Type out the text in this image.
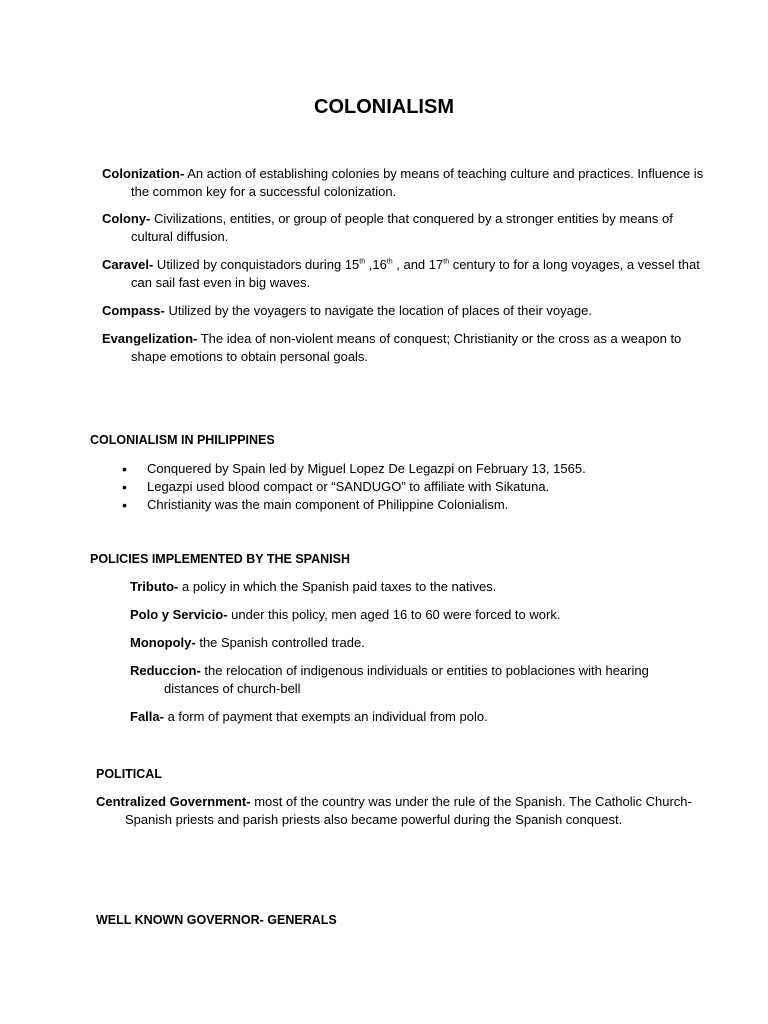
COLONIALISM
Colonization- An action of establishing colonies by means of teaching culture and practices. Influence is the common key for a successful colonization.
Colony- Civilizations, entities, or group of people that conquered by a stronger entities by means of cultural diffusion.
Caravel- Utilized by conquistadors during 15th ,16th , and 17th century to for a long voyages, a vessel that can sail fast even in big waves.
Compass- Utilized by the voyagers to navigate the location of places of their voyage.
Evangelization- The idea of non-violent means of conquest; Christianity or the cross as a weapon to shape emotions to obtain personal goals.
COLONIALISM IN PHILIPPINES
• Conquered by Spain led by Miguel Lopez De Legazpi on February 13, 1565.
• Legazpi used blood compact or “SANDUGO” to affiliate with Sikatuna.
• Christianity was the main component of Philippine Colonialism.
POLICIES IMPLEMENTED BY THE SPANISH
Tributo- a policy in which the Spanish paid taxes to the natives.
Polo y Servicio- under this policy, men aged 16 to 60 were forced to work.
Monopoly- the Spanish controlled trade.
Reduccion- the relocation of indigenous individuals or entities to poblaciones with hearing distances of church-bell
Falla- a form of payment that exempts an individual from polo.
POLITICAL
Centralized Government- most of the country was under the rule of the Spanish. The Catholic Church- Spanish priests and parish priests also became powerful during the Spanish conquest.
WELL KNOWN GOVERNOR- GENERALS
